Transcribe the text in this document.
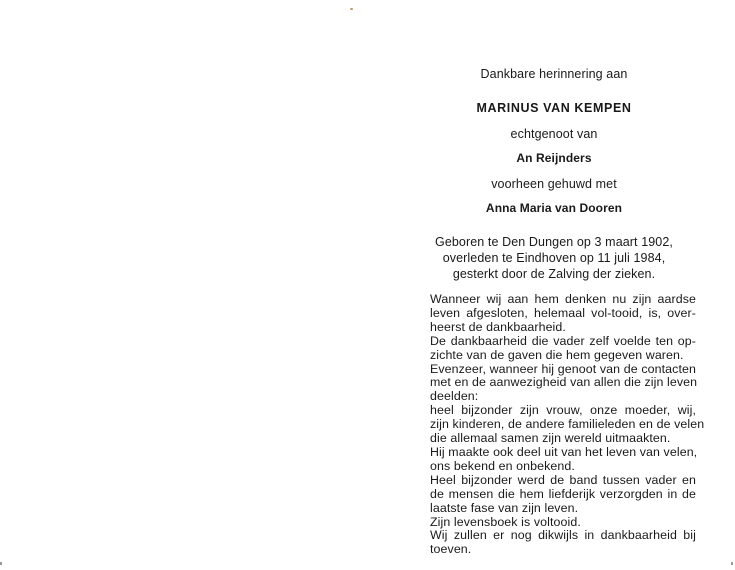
Dankbare herinnering aan
MARINUS VAN KEMPEN
echtgenoot van
An Reijnders
voorheen gehuwd met
Anna Maria van Dooren
Geboren te Den Dungen op 3 maart 1902,
overleden te Eindhoven op 11 juli 1984,
gesterkt door de Zalving der zieken.
Wanneer wij aan hem denken nu zijn aardse
leven afgesloten, helemaal vol-tooid, is, over-
heerst de dankbaarheid.
De dankbaarheid die vader zelf voelde ten op-
zichte van de gaven die hem gegeven waren.
Evenzeer, wanneer hij genoot van de contacten
met en de aanwezigheid van allen die zijn leven
deelden:
heel bijzonder zijn vrouw, onze moeder, wij,
zijn kinderen, de andere familieleden en de velen
die allemaal samen zijn wereld uitmaakten.
Hij maakte ook deel uit van het leven van velen,
ons bekend en onbekend.
Heel bijzonder werd de band tussen vader en
de mensen die hem liefderijk verzorgden in de
laatste fase van zijn leven.
Zijn levensboek is voltooid.
Wij zullen er nog dikwijls in dankbaarheid bij
toeven.
